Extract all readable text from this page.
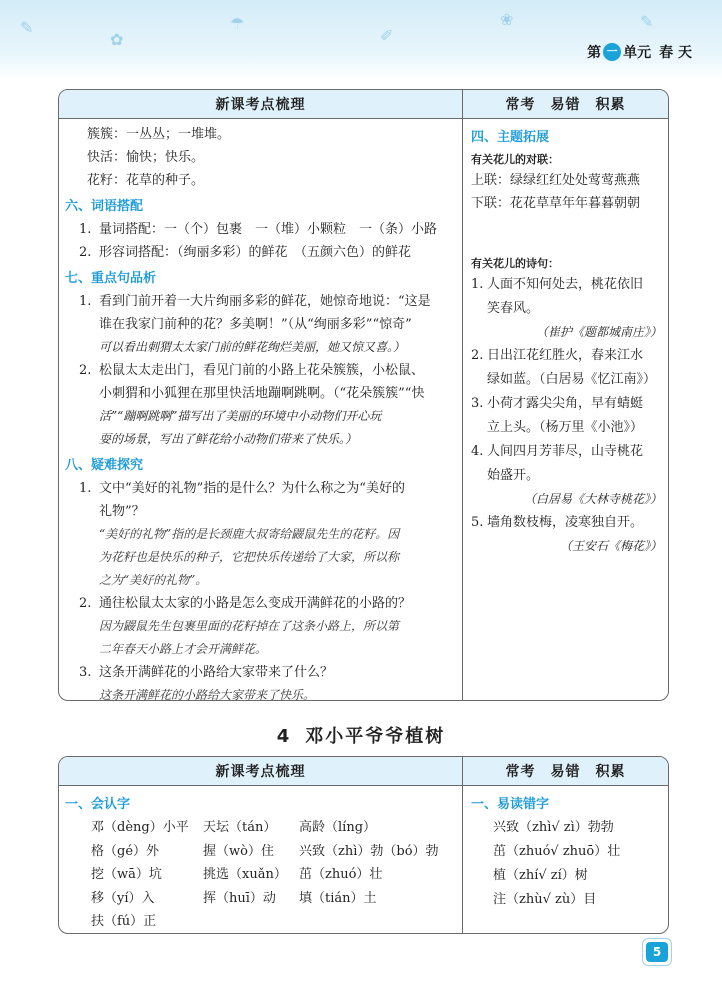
✎
✿
☂
✐
❀	✎
第 一 单元 春 天
新课考点梳理	常考　易错　积累
簇簇：一丛丛；一堆堆。
快活：愉快；快乐。
花籽：花草的种子。
六、词语搭配
1. 量词搭配：一（个）包裹　一（堆）小颗粒　一（条）小路
2. 形容词搭配：（绚丽多彩）的鲜花　（五颜六色）的鲜花
七、重点句品析
1. 看到门前开着一大片绚丽多彩的鲜花，她惊奇地说：“这是
谁在我家门前种的花？多美啊！”（从“绚丽多彩”“惊奇”
可以看出刺猬太太家门前的鲜花绚烂美丽，她又惊又喜。）
2. 松鼠太太走出门，看见门前的小路上花朵簇簇，小松鼠、
小刺猬和小狐狸在那里快活地蹦啊跳啊。（“花朵簇簇”“快
活”“蹦啊跳啊”描写出了美丽的环境中小动物们开心玩
耍的场景，写出了鲜花给小动物们带来了快乐。）
八、疑难探究
1. 文中“美好的礼物”指的是什么？为什么称之为“美好的
礼物”？
“美好的礼物”指的是长颈鹿大叔寄给鼹鼠先生的花籽。因
为花籽也是快乐的种子，它把快乐传递给了大家，所以称
之为“美好的礼物”。
2. 通往松鼠太太家的小路是怎么变成开满鲜花的小路的？
因为鼹鼠先生包裹里面的花籽掉在了这条小路上，所以第
二年春天小路上才会开满鲜花。
3. 这条开满鲜花的小路给大家带来了什么？
这条开满鲜花的小路给大家带来了快乐。
四、主题拓展
有关花儿的对联：
上联：绿绿红红处处莺莺燕燕
下联：花花草草年年暮暮朝朝
有关花儿的诗句：
1. 人面不知何处去，桃花依旧
笑春风。
（崔护《题都城南庄》）
2. 日出江花红胜火，春来江水
绿如蓝。（白居易《忆江南》）
3. 小荷才露尖尖角，早有蜻蜓
立上头。（杨万里《小池》）
4. 人间四月芳菲尽，山寺桃花
始盛开。
（白居易《大林寺桃花》）
5. 墙角数枝梅，凌寒独自开。
（王安石《梅花》）
4 邓小平爷爷植树
新课考点梳理	常考　易错　积累
一、会认字
邓（dèng）小平	天坛（tán）	高龄（líng）
格（gé）外	握（wò）住	兴致（zhì）勃（bó）勃
挖（wā）坑	挑选（xuǎn） 茁（zhuó）壮
移（yí）入	挥（huī）动	填（tián）土
扶（fú）正
一、易读错字
兴致（zhì√ zì）勃勃
茁（zhuó√ zhuō）壮
植（zhí√ zí）树
注（zhù√ zù）目
5
